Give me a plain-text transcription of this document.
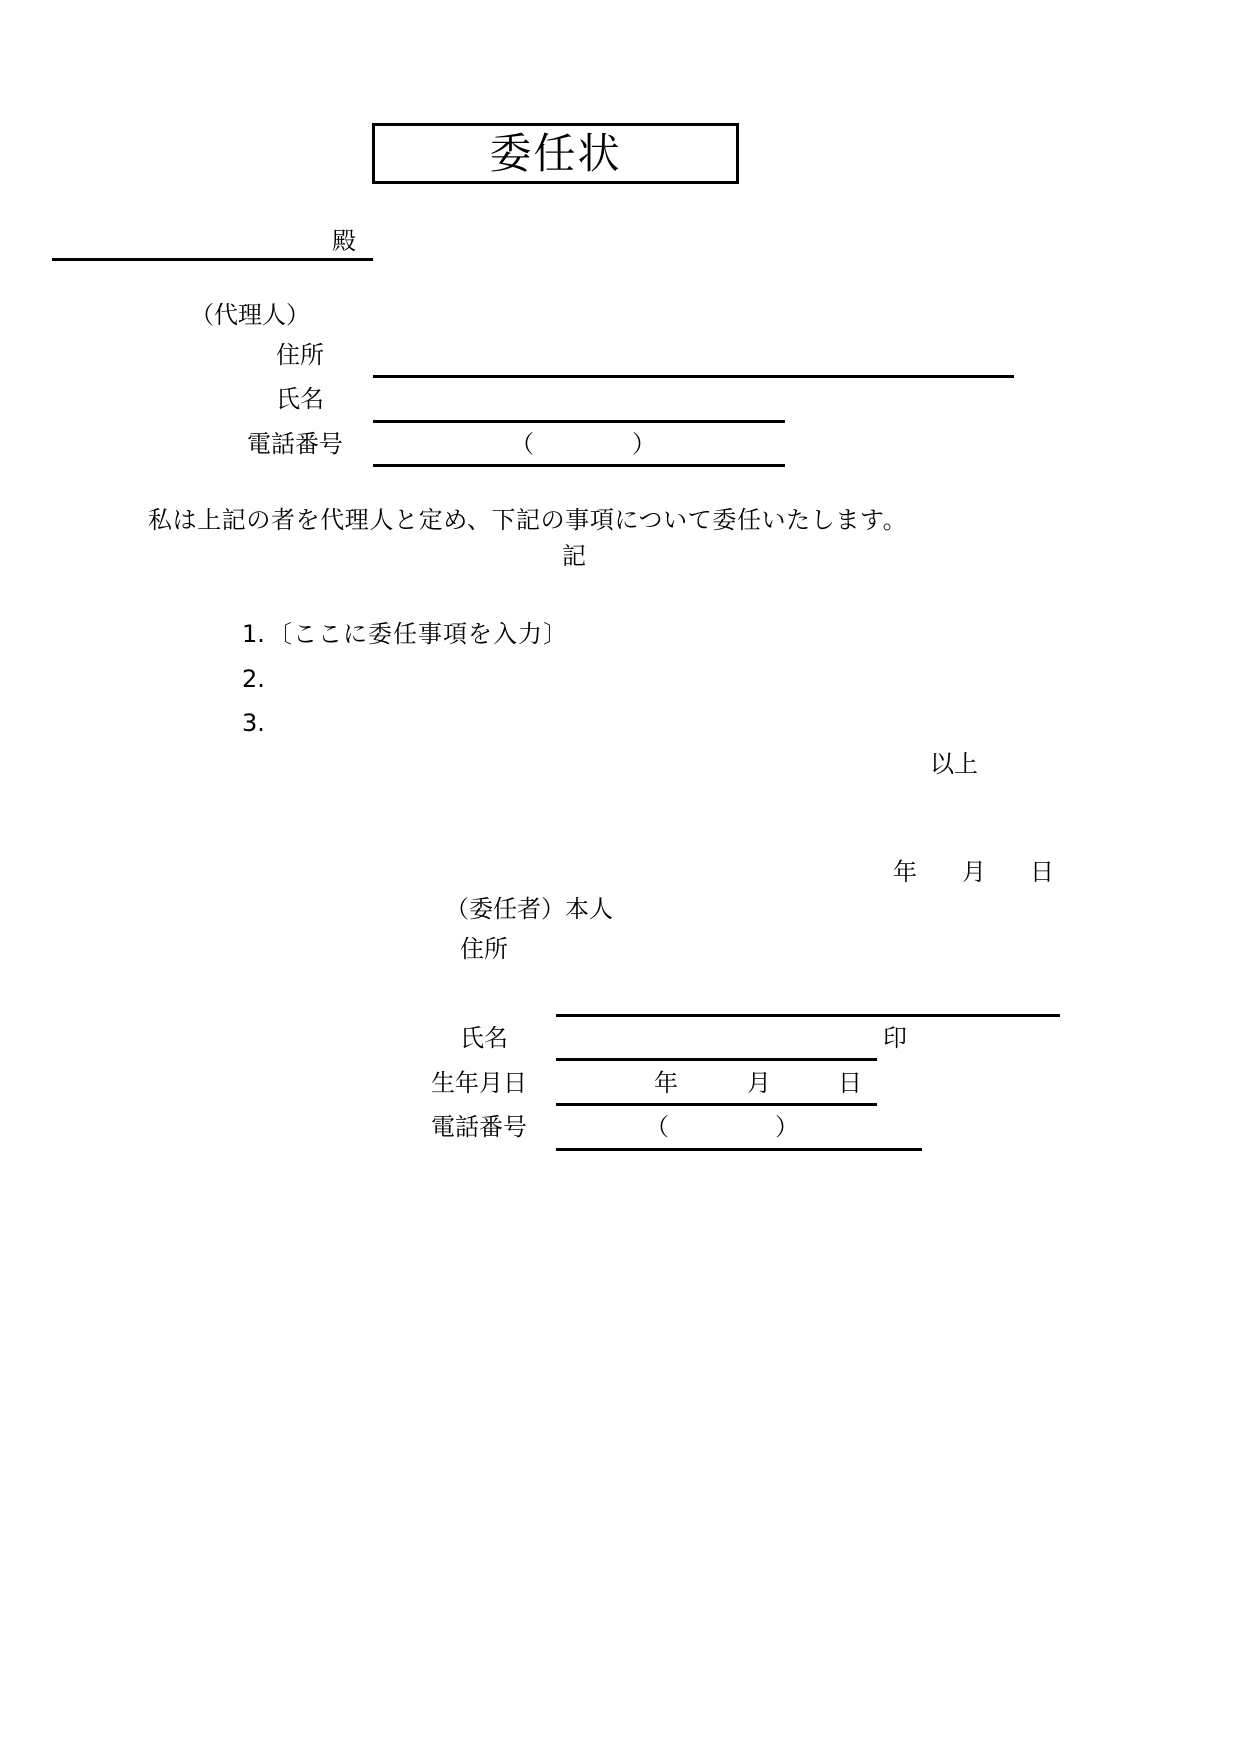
委任状
殿
（代理人）
住所
氏名
電話番号	（	）
私は上記の者を代理人と定め、下記の事項について委任いたします。
記
1. 〔ここに委任事項を入力〕
2.
3.
以上
年 月 日
（委任者）本人
住所
氏名	印
生年月日	年	月	日
電話番号	（	）
